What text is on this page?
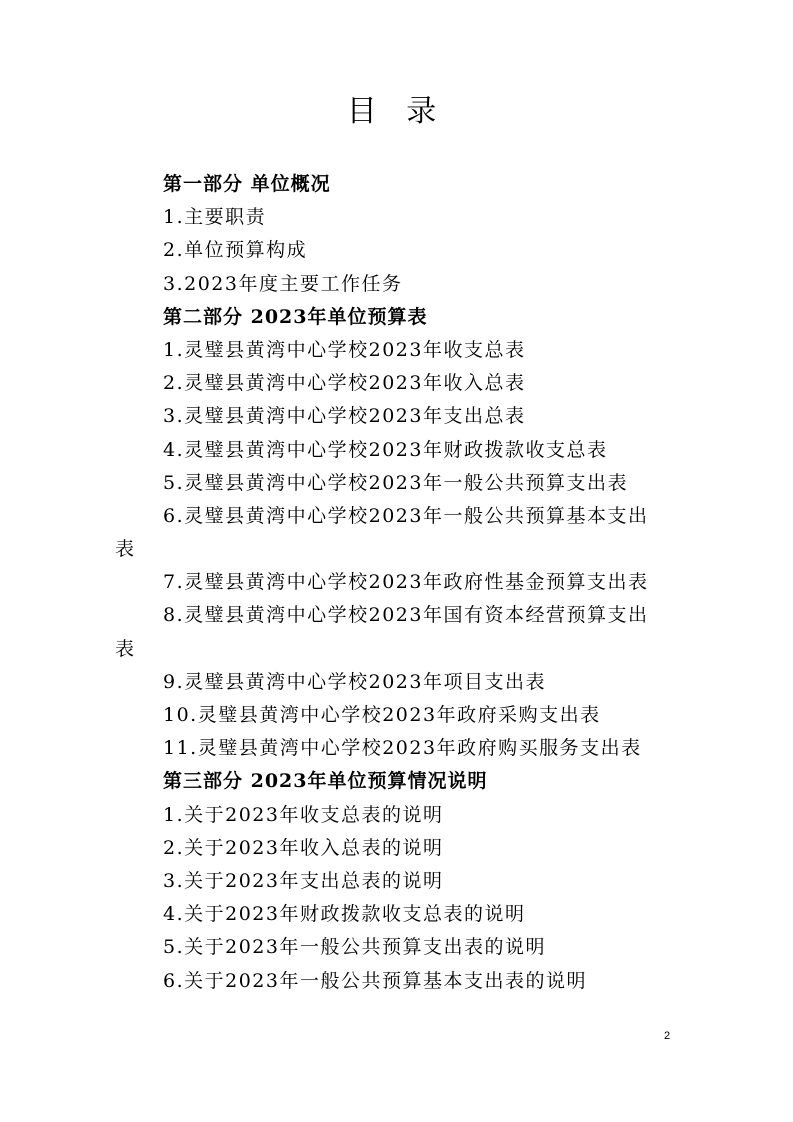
目 录
第一部分 单位概况
1.主要职责
2.单位预算构成
3.2023年度主要工作任务
第二部分 2023年单位预算表
1.灵璧县黄湾中心学校2023年收支总表
2.灵璧县黄湾中心学校2023年收入总表
3.灵璧县黄湾中心学校2023年支出总表
4.灵璧县黄湾中心学校2023年财政拨款收支总表
5.灵璧县黄湾中心学校2023年一般公共预算支出表
6.灵璧县黄湾中心学校2023年一般公共预算基本支出
表
7.灵璧县黄湾中心学校2023年政府性基金预算支出表
8.灵璧县黄湾中心学校2023年国有资本经营预算支出
表
9.灵璧县黄湾中心学校2023年项目支出表
10.灵璧县黄湾中心学校2023年政府采购支出表
11.灵璧县黄湾中心学校2023年政府购买服务支出表
第三部分 2023年单位预算情况说明
1.关于2023年收支总表的说明
2.关于2023年收入总表的说明
3.关于2023年支出总表的说明
4.关于2023年财政拨款收支总表的说明
5.关于2023年一般公共预算支出表的说明
6.关于2023年一般公共预算基本支出表的说明
2
